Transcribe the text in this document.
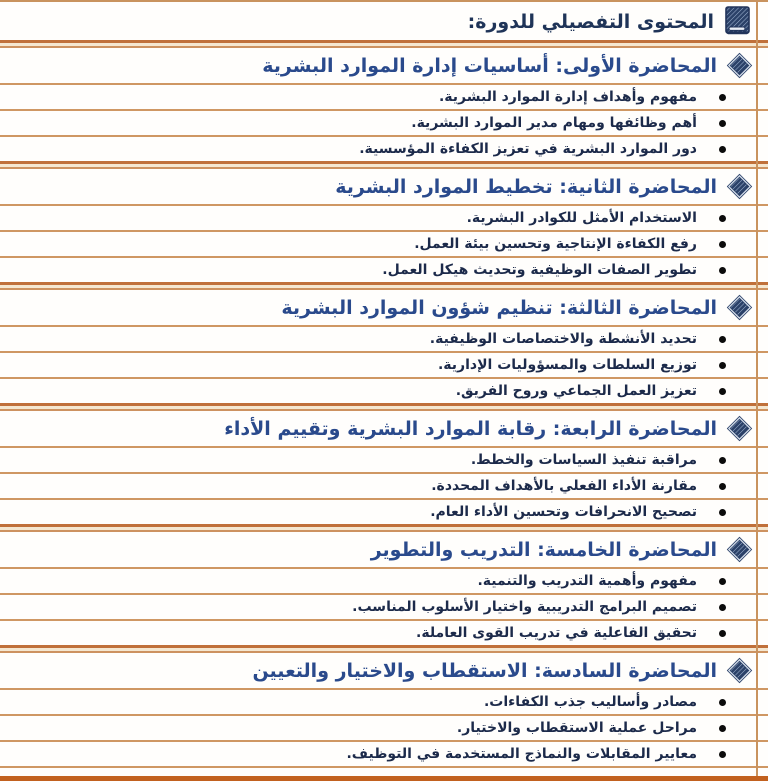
المحتوى التفصيلي للدورة:
المحاضرة الأولى: أساسيات إدارة الموارد البشرية
مفهوم وأهداف إدارة الموارد البشرية.
أهم وظائفها ومهام مدير الموارد البشرية.
دور الموارد البشرية في تعزيز الكفاءة المؤسسية.
المحاضرة الثانية: تخطيط الموارد البشرية
الاستخدام الأمثل للكوادر البشرية.
رفع الكفاءة الإنتاجية وتحسين بيئة العمل.
تطوير الصفات الوظيفية وتحديث هيكل العمل.
المحاضرة الثالثة: تنظيم شؤون الموارد البشرية
تحديد الأنشطة والاختصاصات الوظيفية.
توزيع السلطات والمسؤوليات الإدارية.
تعزيز العمل الجماعي وروح الفريق.
المحاضرة الرابعة: رقابة الموارد البشرية وتقييم الأداء
مراقبة تنفيذ السياسات والخطط.
مقارنة الأداء الفعلي بالأهداف المحددة.
تصحيح الانحرافات وتحسين الأداء العام.
المحاضرة الخامسة: التدريب والتطوير
مفهوم وأهمية التدريب والتنمية.
تصميم البرامج التدريبية واختيار الأسلوب المناسب.
تحقيق الفاعلية في تدريب القوى العاملة.
المحاضرة السادسة: الاستقطاب والاختيار والتعيين
مصادر وأساليب جذب الكفاءات.
مراحل عملية الاستقطاب والاختيار.
معايير المقابلات والنماذج المستخدمة في التوظيف.
